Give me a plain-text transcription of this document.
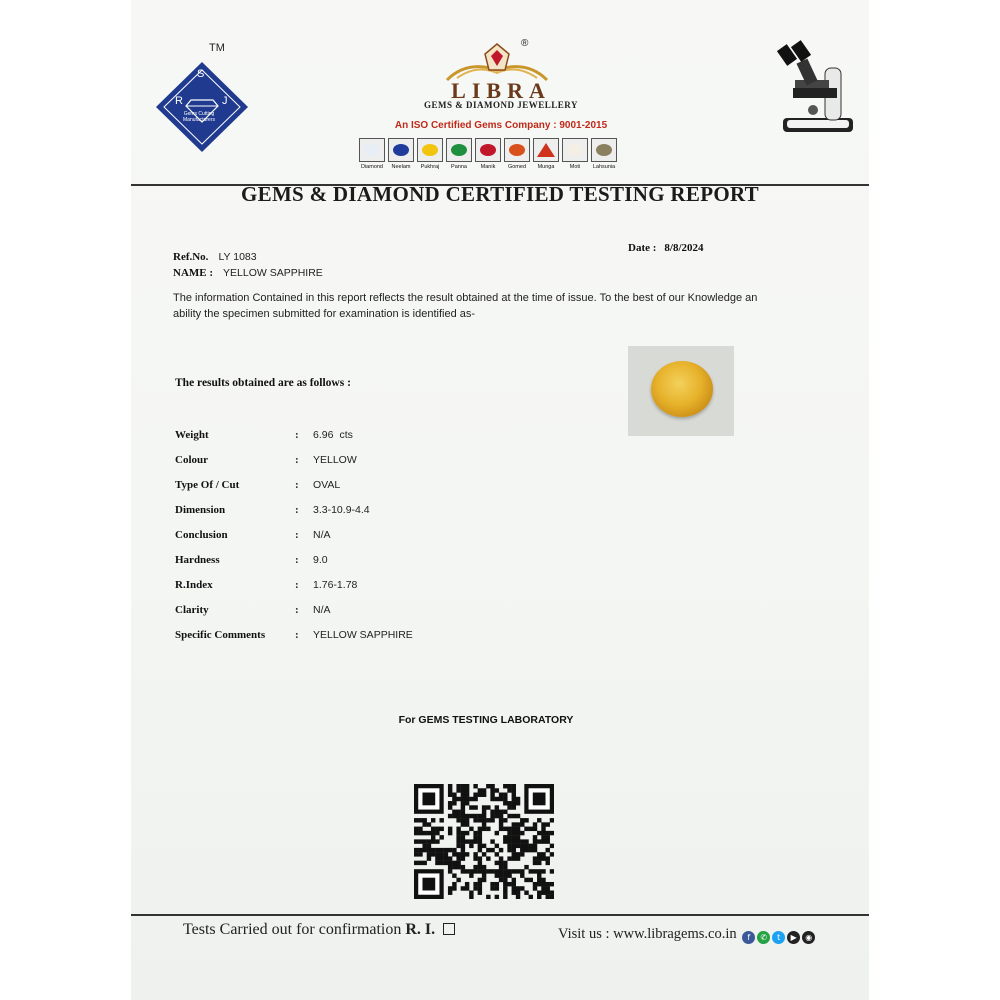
S
R	J
Gems Cutting Manufacturers
TM	®
LIBRA
GEMS & DIAMOND JEWELLERY
An ISO Certified Gems Company : 9001-2015
Diamond Neelam Pukhraj Panna Manik Gomed Munga	Moti Lahsunia
GEMS & DIAMOND CERTIFIED TESTING REPORT
Ref.No. LY 1083
Date : 8/8/2024
NAME : YELLOW SAPPHIRE
The information Contained in this report reflects the result obtained at the time of issue. To the best of our Knowledge an ability the specimen submitted for examination is identified as-
The results obtained are as follows :
Weight	:	6.96 cts
Colour	:	YELLOW
Type Of / Cut	:	OVAL
Dimension	:	3.3-10.9-4.4
Conclusion	:	N/A
Hardness	:	9.0
R.Index	:	1.76-1.78
Clarity	:	N/A
Specific Comments	:	YELLOW SAPPHIRE
For GEMS TESTING LABORATORY
Tests Carried out for confirmation R. I.	Visit us : www.libragems.co.in	f	✆	t	▶	◉
